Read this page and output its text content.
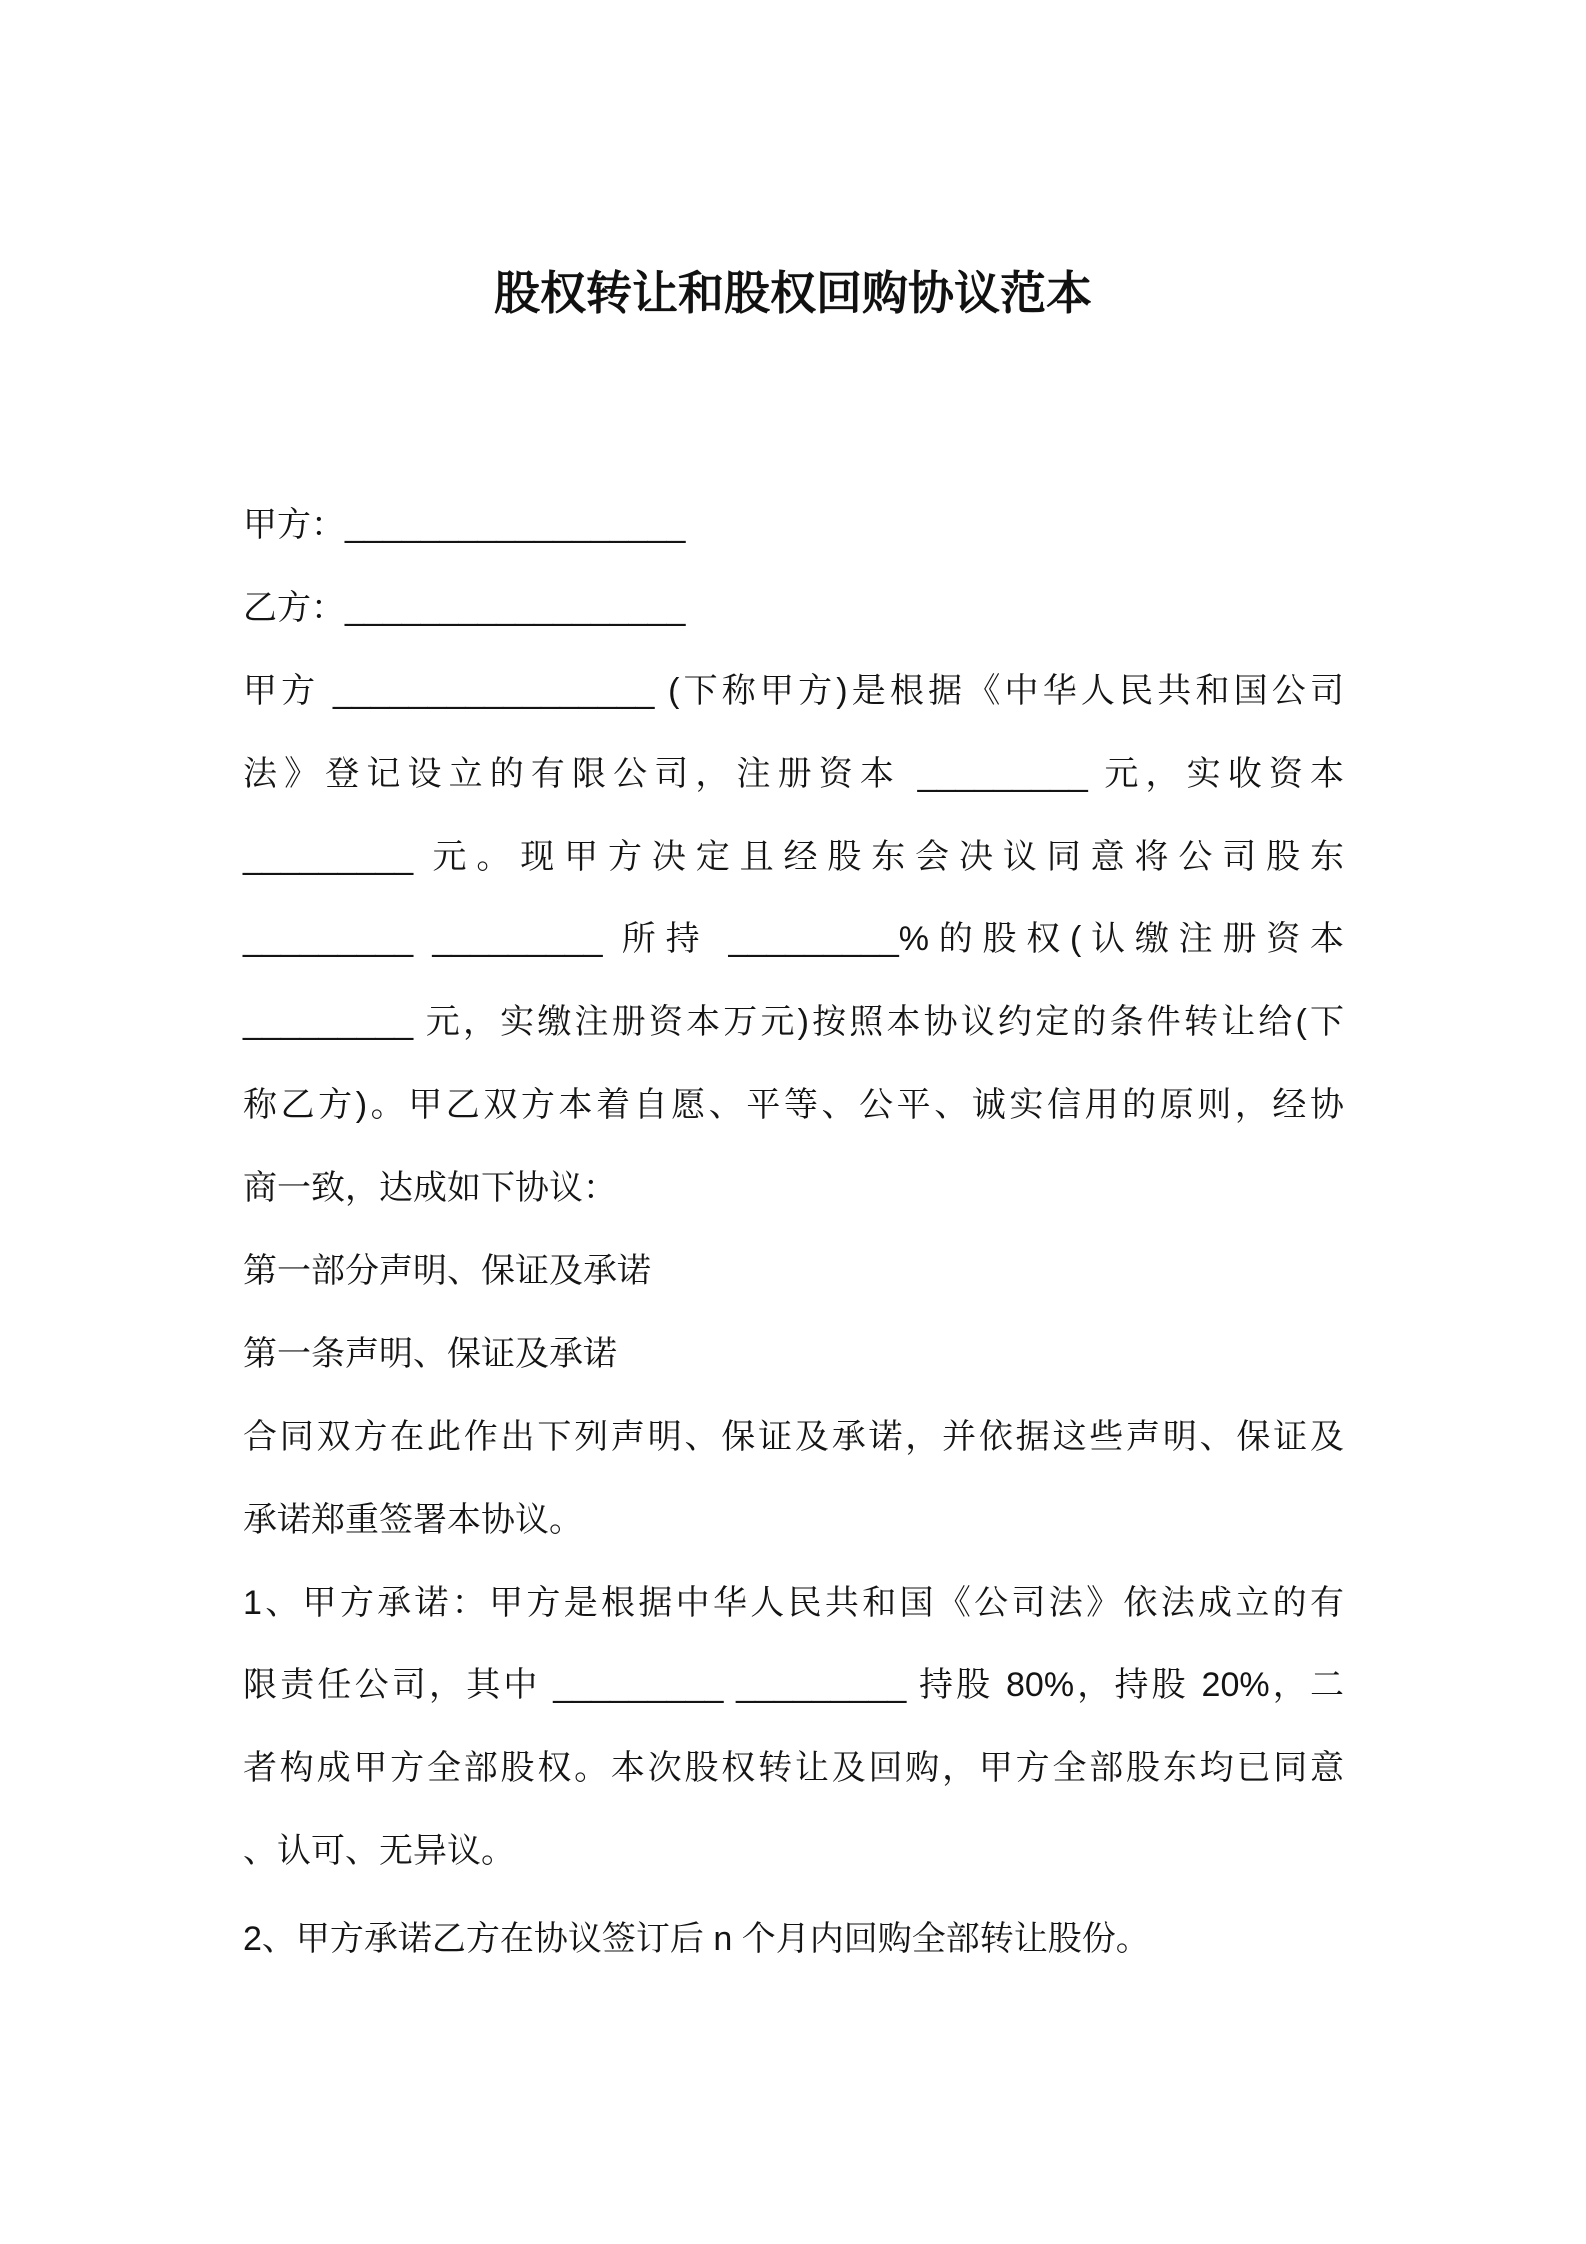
股权转让和股权回购协议范本
甲方：__________________
乙方：__________________
甲方 _________________ (下称甲方)是根据《中华人民共和国公司
法》登记设立的有限公司，注册资本 _________ 元，实收资本
_________ 元。现甲方决定且经股东会决议同意将公司股东
_________ _________ 所持 _________%的股权(认缴注册资本
_________ 元，实缴注册资本万元)按照本协议约定的条件转让给(下
称乙方)。甲乙双方本着自愿、平等、公平、诚实信用的原则，经协
商一致，达成如下协议：
第一部分声明、保证及承诺
第一条声明、保证及承诺
合同双方在此作出下列声明、保证及承诺，并依据这些声明、保证及
承诺郑重签署本协议。
1、甲方承诺：甲方是根据中华人民共和国《公司法》依法成立的有
限责任公司，其中 _________ _________ 持股 80%，持股 20%，二
者构成甲方全部股权。本次股权转让及回购，甲方全部股东均已同意
、认可、无异议。
2、甲方承诺乙方在协议签订后 n 个月内回购全部转让股份。
